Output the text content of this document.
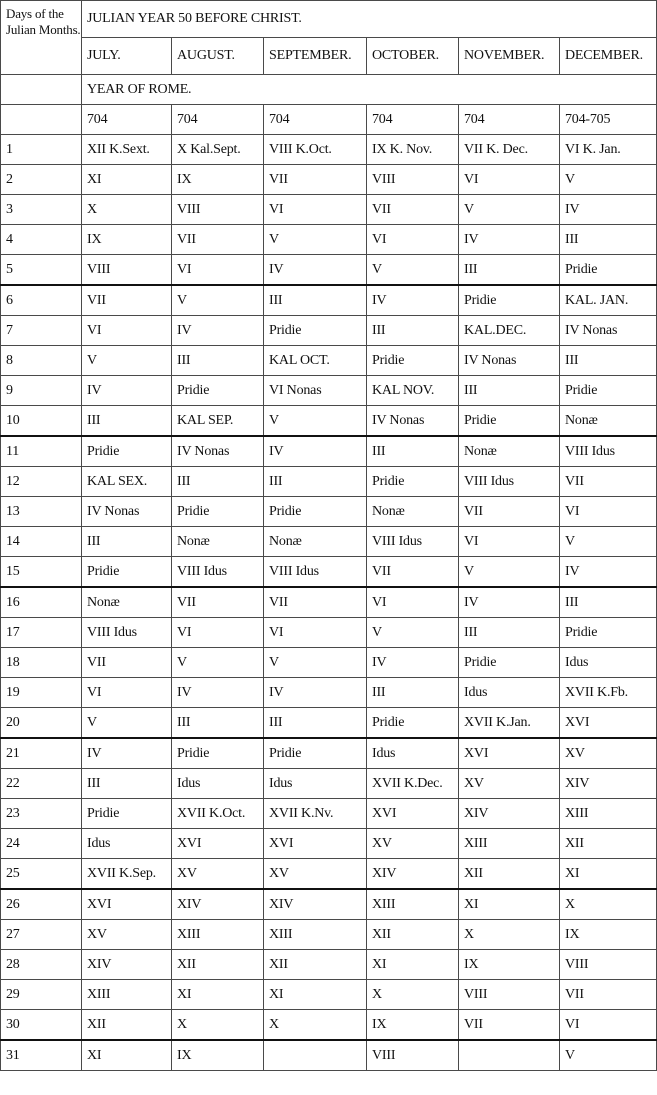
Days of the Julian Months.	JULIAN YEAR 50 BEFORE CHRIST.					
	JULY.	AUGUST.	SEPTEMBER.	OCTOBER.	NOVEMBER.	DECEMBER.
	YEAR OF ROME.					
	704	704	704	704	704	704-705
1	XII K.Sext.	X Kal.Sept.	VIII K.Oct.	IX K. Nov.	VII K. Dec.	VI K. Jan.
2	XI	IX	VII	VIII	VI	V
3	X	VIII	VI	VII	V	IV
4	IX	VII	V	VI	IV	III
5	VIII	VI	IV	V	III	Pridie
6	VII	V	III	IV	Pridie	KAL. JAN.
7	VI	IV	Pridie	III	KAL.DEC.	IV Nonas
8	V	III	KAL OCT.	Pridie	IV Nonas	III
9	IV	Pridie	VI Nonas	KAL NOV.	III	Pridie
10	III	KAL SEP.	V	IV Nonas	Pridie	Nonæ
11	Pridie	IV Nonas	IV	III	Nonæ	VIII Idus
12	KAL SEX.	III	III	Pridie	VIII Idus	VII
13	IV Nonas	Pridie	Pridie	Nonæ	VII	VI
14	III	Nonæ	Nonæ	VIII Idus	VI	V
15	Pridie	VIII Idus	VIII Idus	VII	V	IV
16	Nonæ	VII	VII	VI	IV	III
17	VIII Idus	VI	VI	V	III	Pridie
18	VII	V	V	IV	Pridie	Idus
19	VI	IV	IV	III	Idus	XVII K.Fb.
20	V	III	III	Pridie	XVII K.Jan.	XVI
21	IV	Pridie	Pridie	Idus	XVI	XV
22	III	Idus	Idus	XVII K.Dec.	XV	XIV
23	Pridie	XVII K.Oct.	XVII K.Nv.	XVI	XIV	XIII
24	Idus	XVI	XVI	XV	XIII	XII
25	XVII K.Sep.	XV	XV	XIV	XII	XI
26	XVI	XIV	XIV	XIII	XI	X
27	XV	XIII	XIII	XII	X	IX
28	XIV	XII	XII	XI	IX	VIII
29	XIII	XI	XI	X	VIII	VII
30	XII	X	X	IX	VII	VI
31	XI	IX		VIII		V
